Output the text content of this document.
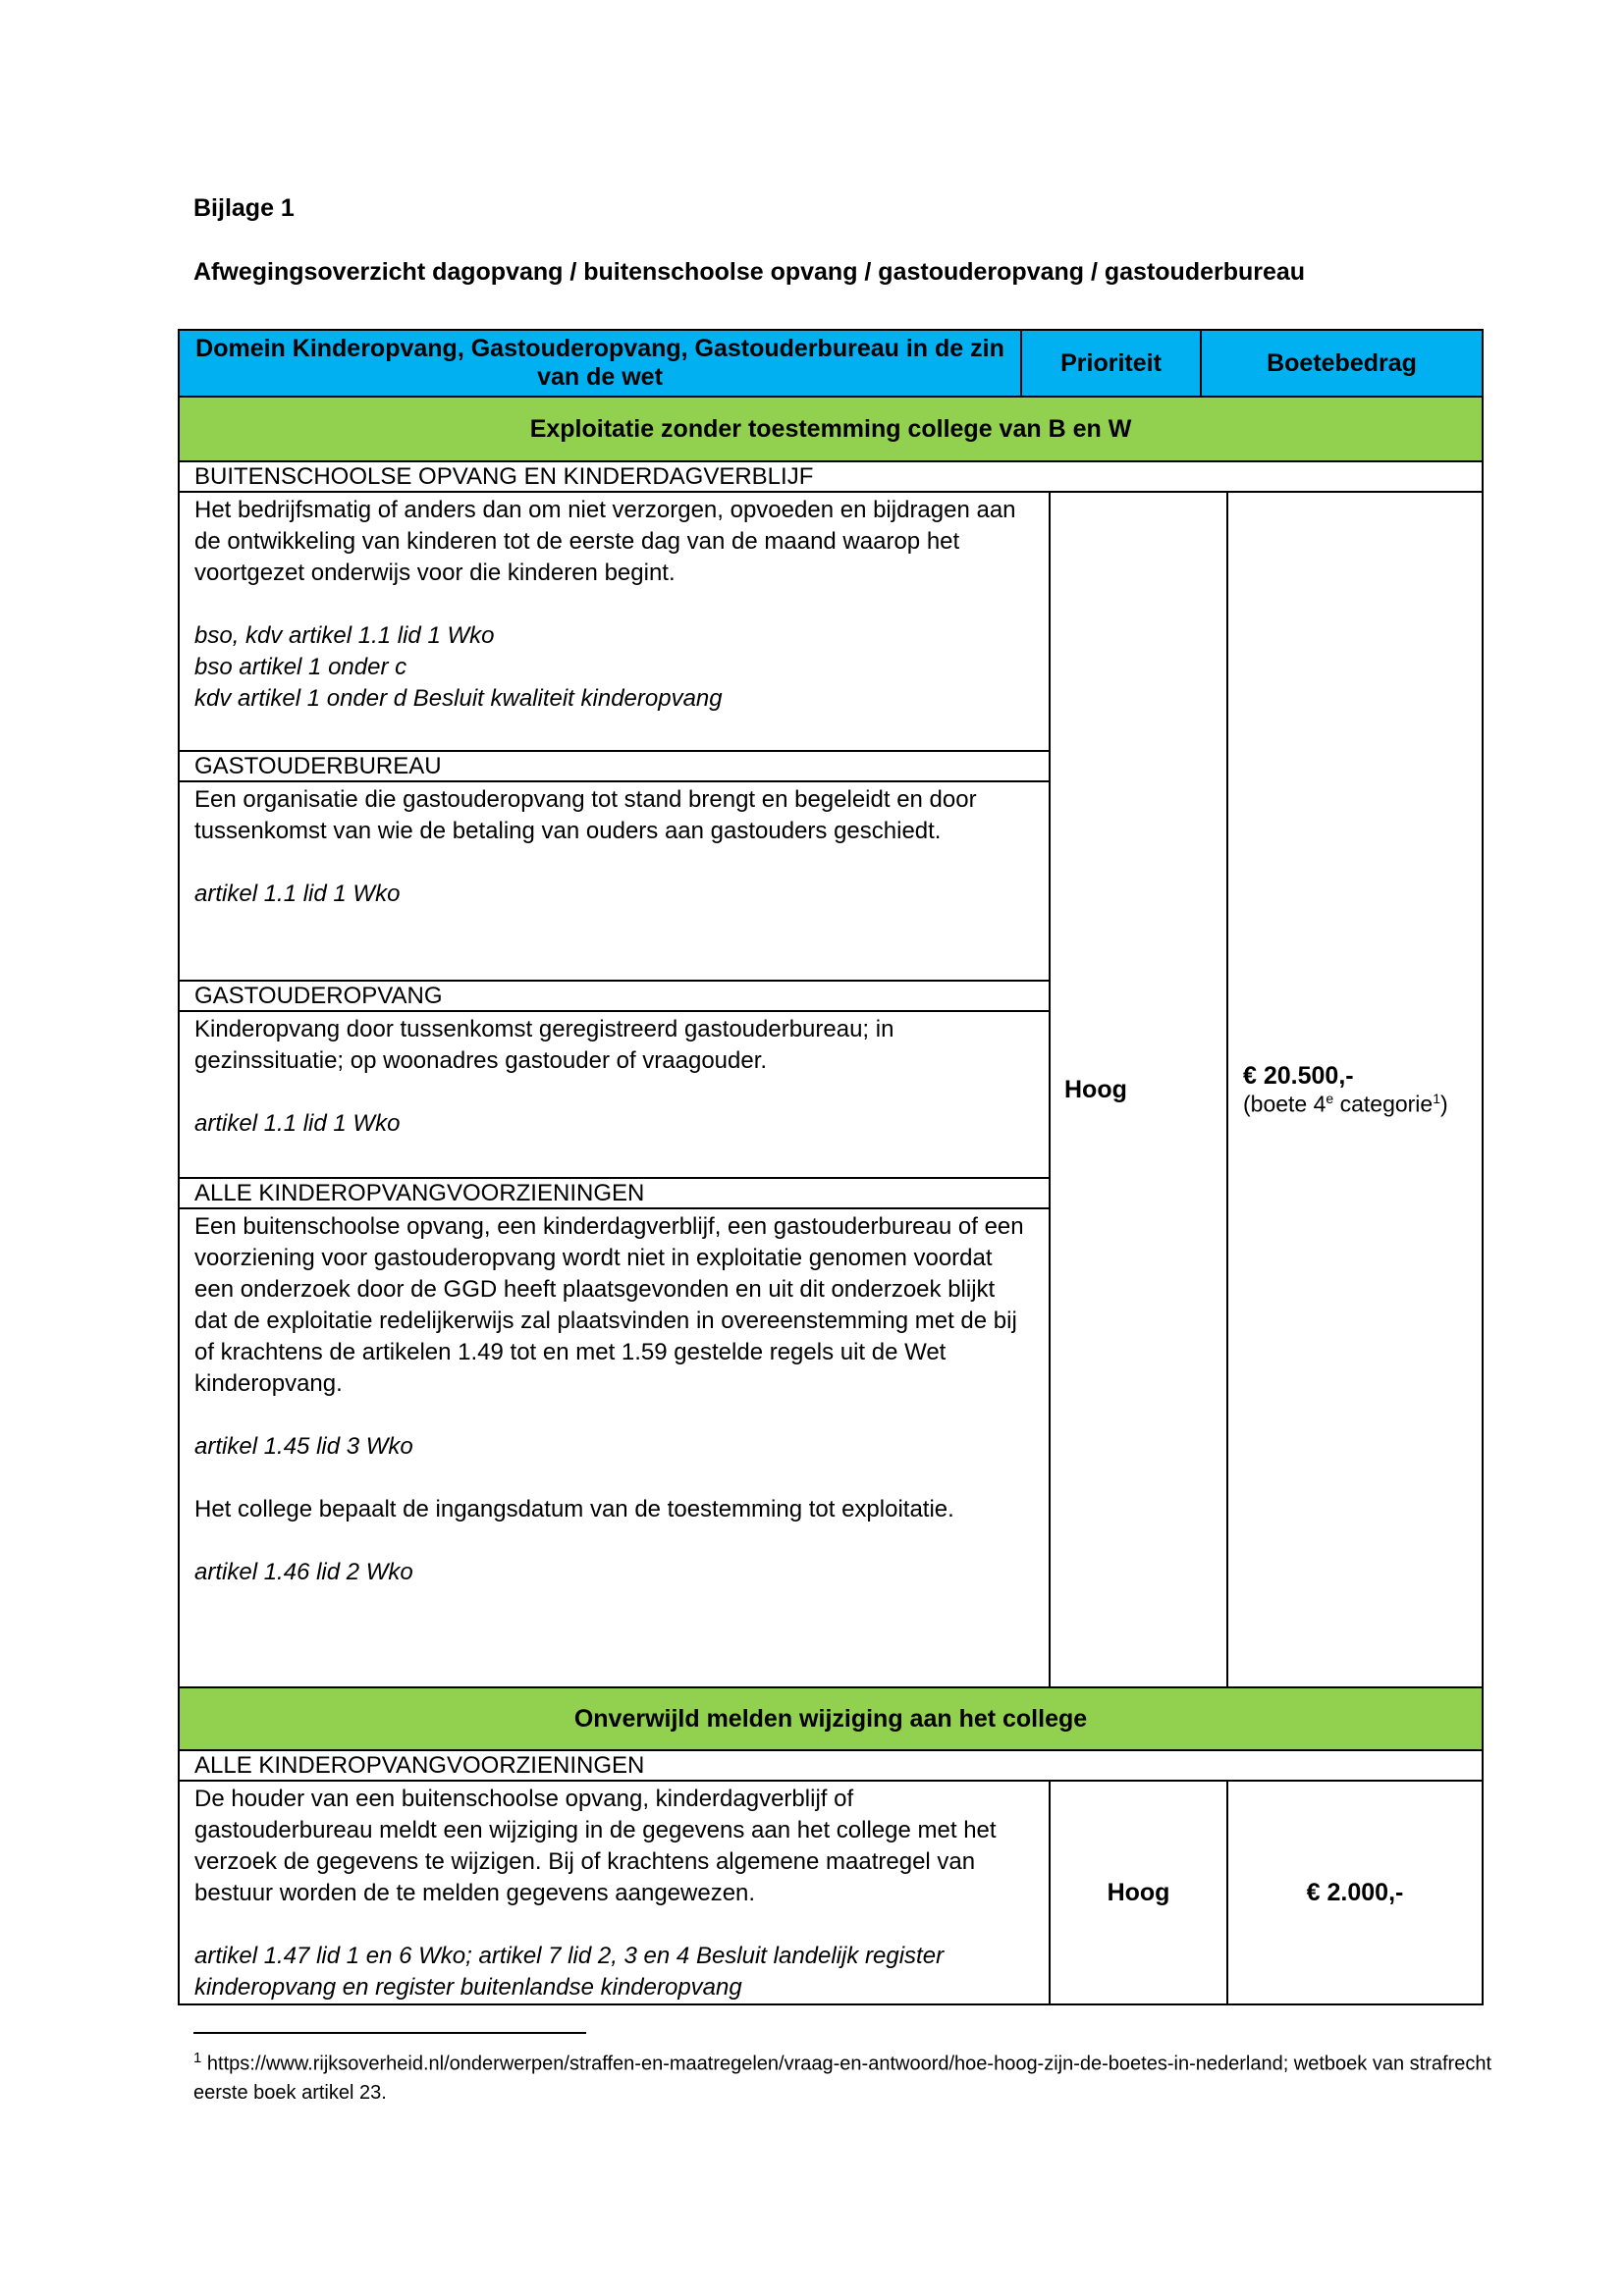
Bijlage 1

Afwegingsoverzicht dagopvang / buitenschoolse opvang / gastouderopvang / gastouderbureau

Domein Kinderopvang, Gastouderopvang, Gastouderbureau in de zin van de wet
Prioriteit	Boetebedrag
Exploitatie zonder toestemming college van B en W
BUITENSCHOOLSE OPVANG EN KINDERDAGVERBLIJF

Het bedrijfsmatig of anders dan om niet verzorgen, opvoeden en bijdragen aan de ontwikkeling van kinderen tot de eerste dag van de maand waarop het voortgezet onderwijs voor die kinderen begint.

bso, kdv artikel 1.1 lid 1 Wko

bso artikel 1 onder c

kdv artikel 1 onder d Besluit kwaliteit kinderopvang

GASTOUDERBUREAU

Een organisatie die gastouderopvang tot stand brengt en begeleidt en door tussenkomst van wie de betaling van ouders aan gastouders geschiedt.

artikel 1.1 lid 1 Wko

GASTOUDEROPVANG

Kinderopvang door tussenkomst geregistreerd gastouderbureau; in gezinssituatie; op woonadres gastouder of vraagouder.

artikel 1.1 lid 1 Wko

ALLE KINDEROPVANGVOORZIENINGEN

Een buitenschoolse opvang, een kinderdagverblijf, een gastouderbureau of een voorziening voor gastouderopvang wordt niet in exploitatie genomen voordat een onderzoek door de GGD heeft plaatsgevonden en uit dit onderzoek blijkt dat de exploitatie redelijkerwijs zal plaatsvinden in overeenstemming met de bij of krachtens de artikelen 1.49 tot en met 1.59 gestelde regels uit de Wet kinderopvang.

artikel 1.45 lid 3 Wko

Het college bepaalt de ingangsdatum van de toestemming tot exploitatie.

artikel 1.46 lid 2 Wko

Hoog	€ 20.500,-
(boete 4e categorie$^1$)
Onverwijld melden wijziging aan het college
ALLE KINDEROPVANGVOORZIENINGEN

De houder van een buitenschoolse opvang, kinderdagverblijf of gastouderbureau meldt een wijziging in de gegevens aan het college met het verzoek de gegevens te wijzigen. Bij of krachtens algemene maatregel van bestuur worden de te melden gegevens aangewezen.

artikel 1.47 lid 1 en 6 Wko; artikel 7 lid 2, 3 en 4 Besluit landelijk register kinderopvang en register buitenlandse kinderopvang

Hoog	€ 2.000,-
$^1$ https://www.rijksoverheid.nl/onderwerpen/straffen-en-maatregelen/vraag-en-antwoord/hoe-hoog-zijn-de-boetes-in-nederland; wetboek van strafrecht eerste boek artikel 23.
